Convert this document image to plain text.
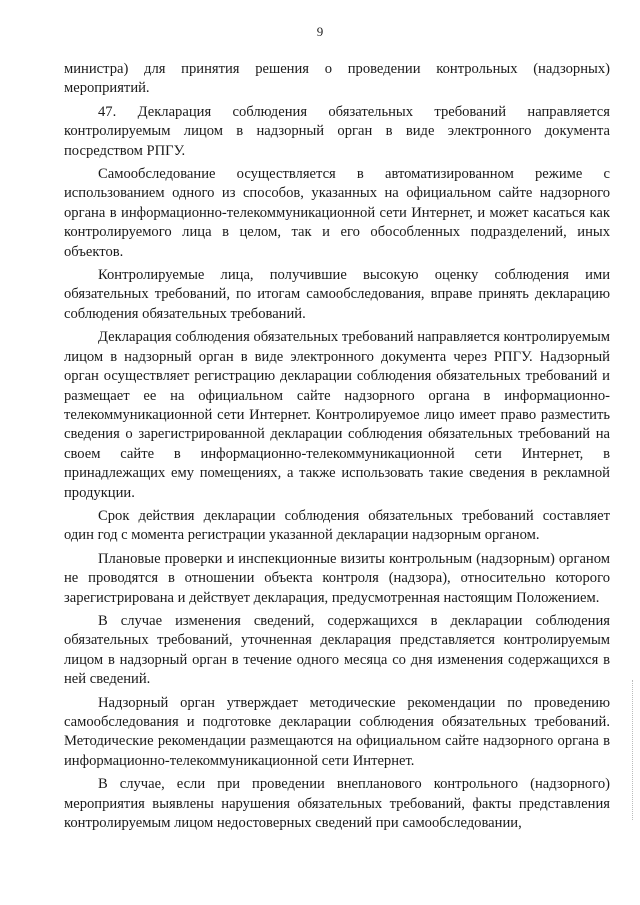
9

министра) для принятия решения о проведении контрольных (надзорных) мероприятий.

47. Декларация соблюдения обязательных требований направляется контролируемым лицом в надзорный орган в виде электронного документа посредством РПГУ.

Самообследование осуществляется в автоматизированном режиме с использованием одного из способов, указанных на официальном сайте надзорного органа в информационно-телекоммуникационной сети Интернет, и может касаться как контролируемого лица в целом, так и его обособленных подразделений, иных объектов.

Контролируемые лица, получившие высокую оценку соблюдения ими обязательных требований, по итогам самообследования, вправе принять декларацию соблюдения обязательных требований.

Декларация соблюдения обязательных требований направляется контролируемым лицом в надзорный орган в виде электронного документа через РПГУ. Надзорный орган осуществляет регистрацию декларации соблюдения обязательных требований и размещает ее на официальном сайте надзорного органа в информационно-телекоммуникационной сети Интернет. Контролируемое лицо имеет право разместить сведения о зарегистрированной декларации соблюдения обязательных требований на своем сайте в информационно-телекоммуникационной сети Интернет, в принадлежащих ему помещениях, а также использовать такие сведения в рекламной продукции.

Срок действия декларации соблюдения обязательных требований составляет один год с момента регистрации указанной декларации надзорным органом.

Плановые проверки и инспекционные визиты контрольным (надзорным) органом не проводятся в отношении объекта контроля (надзора), относительно которого зарегистрирована и действует декларация, предусмотренная настоящим Положением.

В случае изменения сведений, содержащихся в декларации соблюдения обязательных требований, уточненная декларация представляется контролируемым лицом в надзорный орган в течение одного месяца со дня изменения содержащихся в ней сведений.

Надзорный орган утверждает методические рекомендации по проведению самообследования и подготовке декларации соблюдения обязательных требований. Методические рекомендации размещаются на официальном сайте надзорного органа в информационно-телекоммуникационной сети Интернет.

В случае, если при проведении внепланового контрольного (надзорного) мероприятия выявлены нарушения обязательных требований, факты представления контролируемым лицом недостоверных сведений при самообследовании,
